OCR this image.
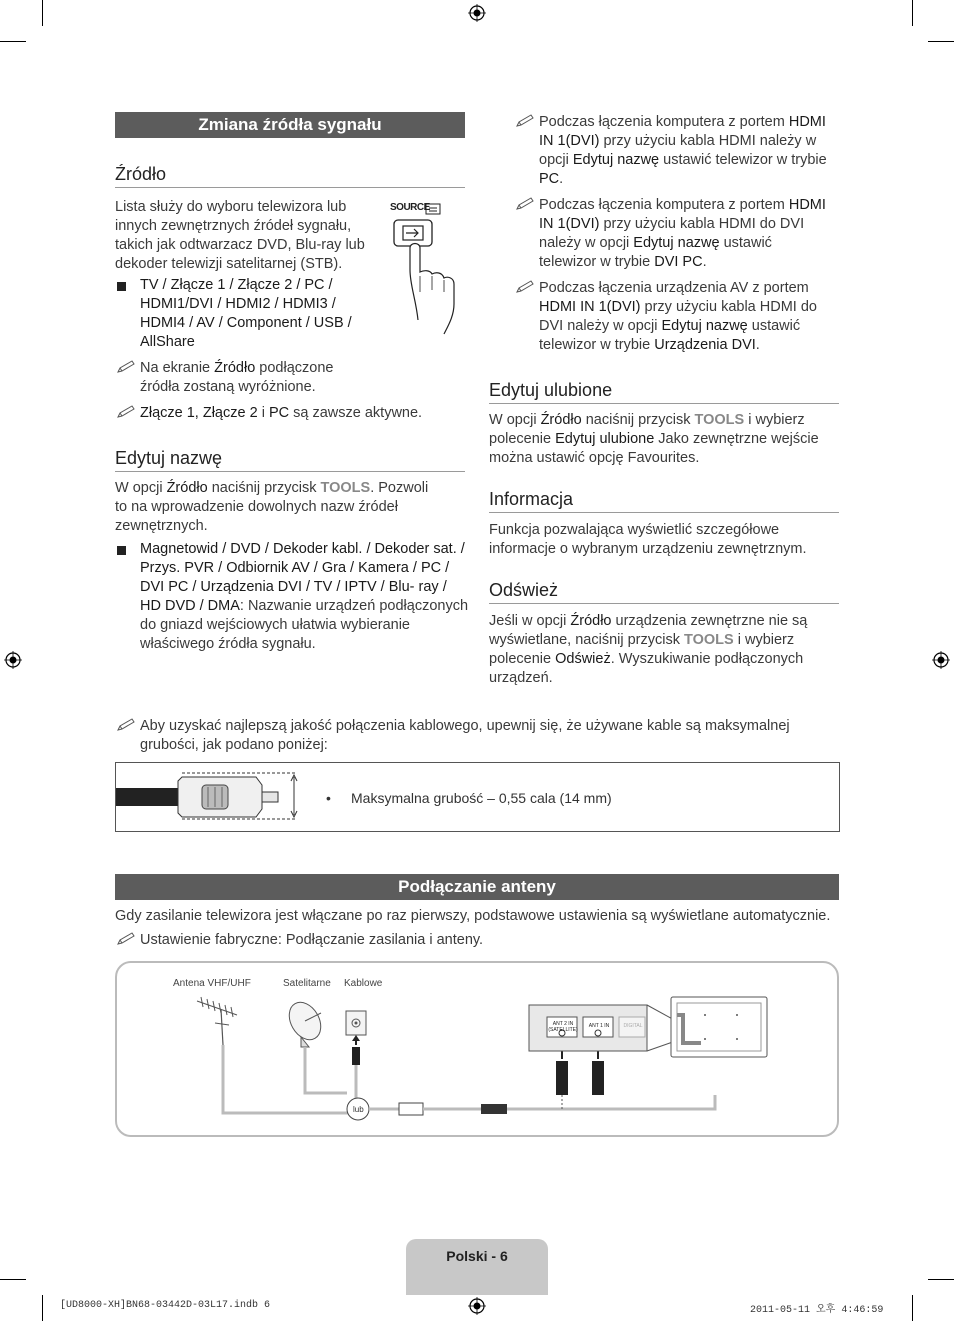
Zmiana źródła sygnału
Źródło
Lista służy do wyboru telewizora lub innych zewnętrznych źródeł sygnału, takich jak odtwarzacz DVD, Blu-ray lub dekoder telewizji satelitarnej (STB).
SOURCE
TV / Złącze 1 / Złącze 2 / PC / HDMI1/DVI / HDMI2 / HDMI3 / HDMI4 / AV / Component / USB / AllShare
Na ekranie Źródło podłączone źródła zostaną wyróżnione.
Złącze 1, Złącze 2 i PC są zawsze aktywne.
Edytuj nazwę
W opcji Źródło naciśnij przycisk TOOLS. Pozwoli to na wprowadzenie dowolnych nazw źródeł zewnętrznych.
Magnetowid / DVD / Dekoder kabl. / Dekoder sat. / Przys. PVR / Odbiornik AV / Gra / Kamera / PC / DVI PC / Urządzenia DVI / TV / IPTV / Blu- ray / HD DVD / DMA: Nazwanie urządzeń podłączonych do gniazd wejściowych ułatwia wybieranie właściwego źródła sygnału.
Podczas łączenia komputera z portem HDMI IN 1(DVI) przy użyciu kabla HDMI należy w opcji Edytuj nazwę ustawić telewizor w trybie PC.
Podczas łączenia komputera z portem HDMI IN 1(DVI) przy użyciu kabla HDMI do DVI należy w opcji Edytuj nazwę ustawić telewizor w trybie DVI PC.
Podczas łączenia urządzenia AV z portem HDMI IN 1(DVI) przy użyciu kabla HDMI do DVI należy w opcji Edytuj nazwę ustawić telewizor w trybie Urządzenia DVI.
Edytuj ulubione
W opcji Źródło naciśnij przycisk TOOLS i wybierz polecenie Edytuj ulubione Jako zewnętrzne wejście można ustawić opcję Favourites.
Informacja
Funkcja pozwalająca wyświetlić szczegółowe informacje o wybranym urządzeniu zewnętrznym.
Odśwież
Jeśli w opcji Źródło urządzenia zewnętrzne nie są wyświetlane, naciśnij przycisk TOOLS i wybierz polecenie Odśwież. Wyszukiwanie podłączonych urządzeń.
Aby uzyskać najlepszą jakość połączenia kablowego, upewnij się, że używane kable są maksymalnej grubości, jak podano poniżej:
• Maksymalna grubość – 0,55 cala (14 mm)
Podłączanie anteny
Gdy zasilanie telewizora jest włączane po raz pierwszy, podstawowe ustawienia są wyświetlane automatycznie.
Ustawienie fabryczne: Podłączanie zasilania i anteny.
Antena VHF/UHF	Satelitarne Kablowe
lub
ANT 2 IN
(SATELLITE)
ANT 1 IN	DIGITAL
Polski - 6
[UD8000-XH]BN68-03442D-03L17.indb 6	2011-05-11 오후 4:46:59
